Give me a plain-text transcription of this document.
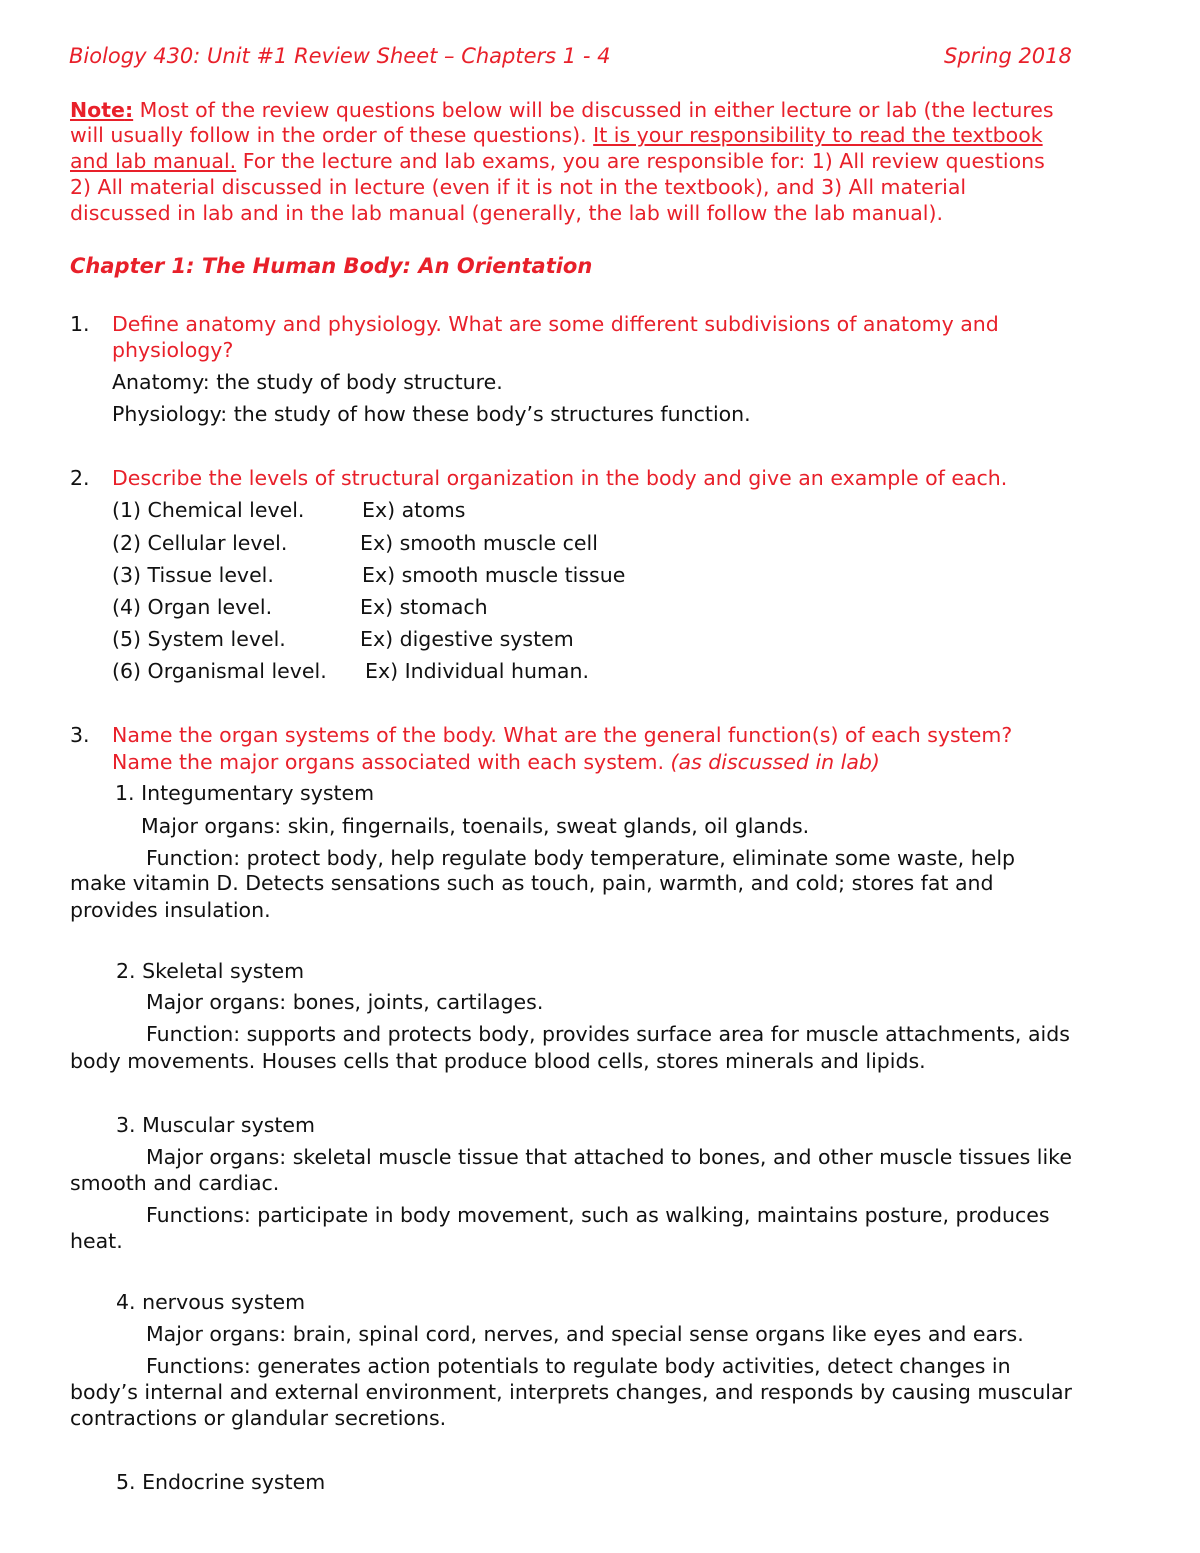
Biology 430: Unit #1 Review Sheet – Chapters 1 - 4	Spring 2018
Note: Most of the review questions below will be discussed in either lecture or lab (the lectures
will usually follow in the order of these questions). It is your responsibility to read the textbook
and lab manual. For the lecture and lab exams, you are responsible for: 1) All review questions
2) All material discussed in lecture (even if it is not in the textbook), and 3) All material
discussed in lab and in the lab manual (generally, the lab will follow the lab manual).
Chapter 1: The Human Body: An Orientation
1. Define anatomy and physiology. What are some different subdivisions of anatomy and
physiology?
Anatomy: the study of body structure.
Physiology: the study of how these body’s structures function.
2. Describe the levels of structural organization in the body and give an example of each.
(1) Chemical level.	Ex) atoms
(2) Cellular level.	Ex) smooth muscle cell
(3) Tissue level.	Ex) smooth muscle tissue
(4) Organ level.	Ex) stomach
(5) System level.	Ex) digestive system
(6) Organismal level. Ex) Individual human.
3. Name the organ systems of the body. What are the general function(s) of each system?
Name the major organs associated with each system. (as discussed in lab)
1. Integumentary system
Major organs: skin, fingernails, toenails, sweat glands, oil glands.
Function: protect body, help regulate body temperature, eliminate some waste, help
make vitamin D. Detects sensations such as touch, pain, warmth, and cold; stores fat and
provides insulation.
2. Skeletal system
Major organs: bones, joints, cartilages.
Function: supports and protects body, provides surface area for muscle attachments, aids
body movements. Houses cells that produce blood cells, stores minerals and lipids.
3. Muscular system
Major organs: skeletal muscle tissue that attached to bones, and other muscle tissues like
smooth and cardiac.
Functions: participate in body movement, such as walking, maintains posture, produces
heat.
4. nervous system
Major organs: brain, spinal cord, nerves, and special sense organs like eyes and ears.
Functions: generates action potentials to regulate body activities, detect changes in
body’s internal and external environment, interprets changes, and responds by causing muscular
contractions or glandular secretions.
5. Endocrine system
